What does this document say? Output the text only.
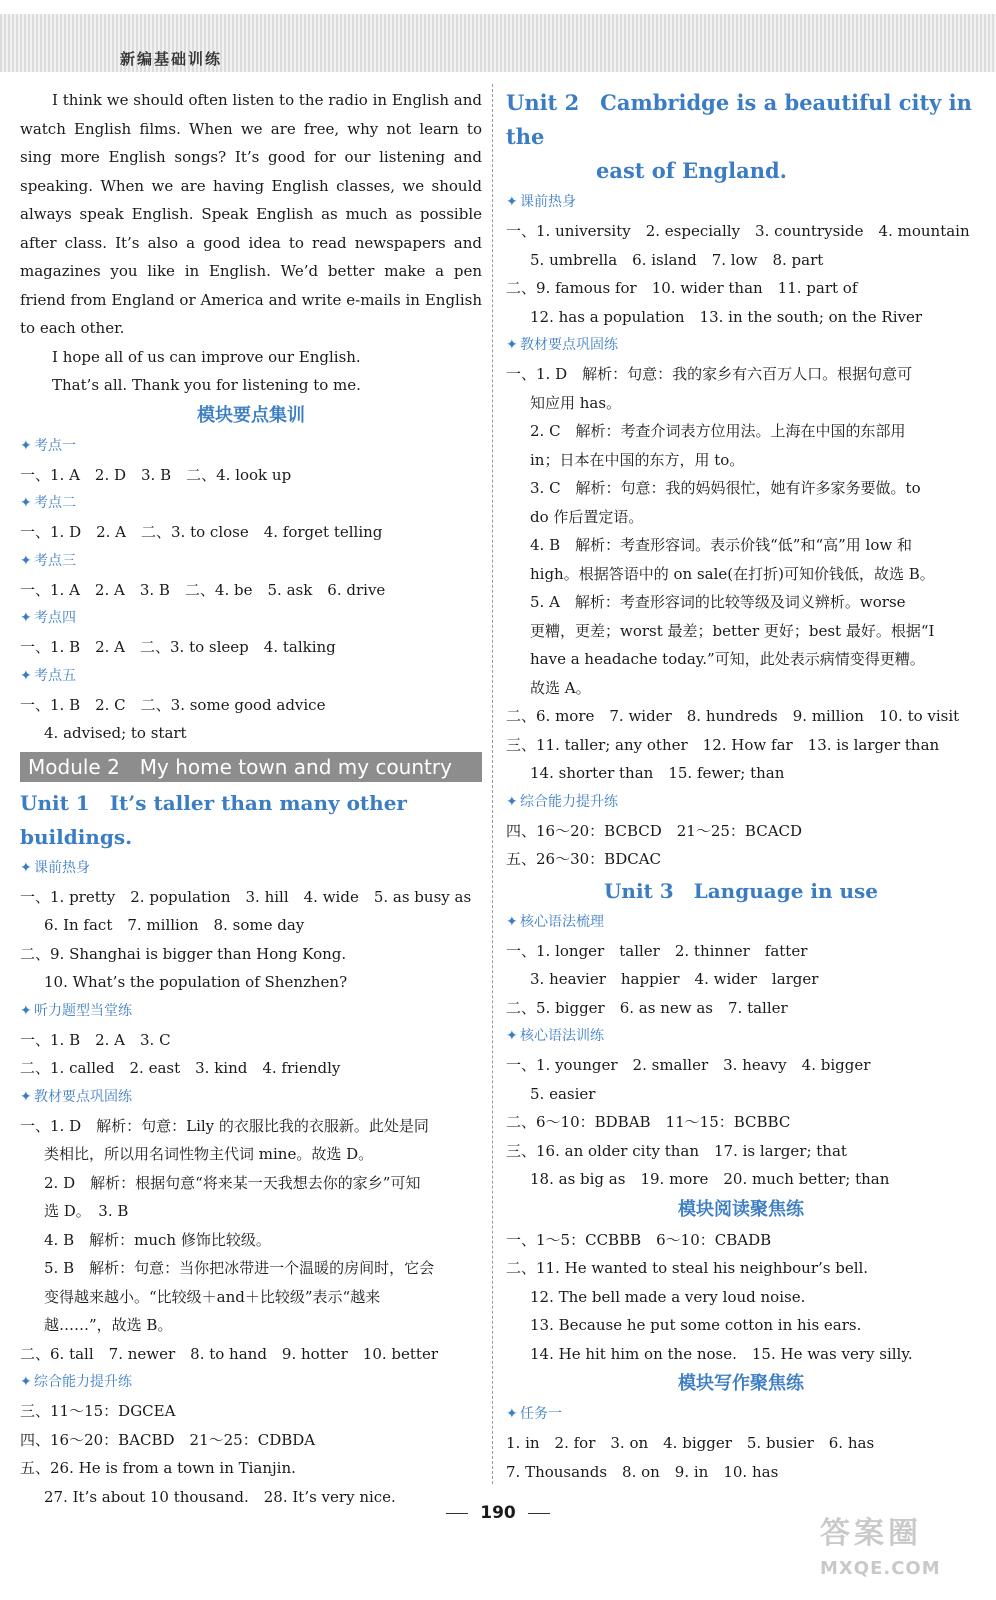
新编基础训练

I think we should often listen to the radio in English and watch English films. When we are free, why not learn to sing more English songs? It’s good for our listening and speaking. When we are having English classes, we should always speak English. Speak English as much as possible after class. It’s also a good idea to read newspapers and magazines you like in English. We’d better make a pen friend from England or America and write e-mails in English to each other.

I hope all of us can improve our English.

That’s all. Thank you for listening to me.

模块要点集训
✦ 考点一
一、1. A　2. D　3. B　二、4. look up
✦ 考点二
一、1. D　2. A　二、3. to close　4. forget telling
✦ 考点三
一、1. A　2. A　3. B　二、4. be　5. ask　6. drive
✦ 考点四
一、1. B　2. A　二、3. to sleep　4. talking
✦ 考点五
一、1. B　2. C　二、3. some good advice
4. advised; to start
Module 2　My home town and my country
Unit 1　It’s taller than many other buildings.
✦ 课前热身
一、1. pretty　2. population　3. hill　4. wide　5. as busy as
6. In fact　7. million　8. some day
二、9. Shanghai is bigger than Hong Kong.
10. What’s the population of Shenzhen?
✦ 听力题型当堂练
一、1. B　2. A　3. C
二、1. called　2. east　3. kind　4. friendly
✦ 教材要点巩固练
一、1. D　解析：句意：Lily 的衣服比我的衣服新。此处是同
类相比，所以用名词性物主代词 mine。故选 D。
2. D　解析：根据句意“将来某一天我想去你的家乡”可知
选 D。　3. B
4. B　解析：much 修饰比较级。
5. B　解析：句意：当你把冰带进一个温暖的房间时，它会
变得越来越小。“比较级＋and＋比较级”表示“越来
越……”，故选 B。
二、6. tall　7. newer　8. to hand　9. hotter　10. better
✦ 综合能力提升练
三、11～15：DGCEA
四、16～20：BACBD　21～25：CDBDA
五、26. He is from a town in Tianjin.
27. It’s about 10 thousand.　28. It’s very nice.
Unit 2　Cambridge is a beautiful city in the
east of England.
✦ 课前热身
一、1. university　2. especially　3. countryside　4. mountain
5. umbrella　6. island　7. low　8. part
二、9. famous for　10. wider than　11. part of
12. has a population　13. in the south; on the River
✦ 教材要点巩固练
一、1. D　解析：句意：我的家乡有六百万人口。根据句意可
知应用 has。
2. C　解析：考查介词表方位用法。上海在中国的东部用
in；日本在中国的东方，用 to。
3. C　解析：句意：我的妈妈很忙，她有许多家务要做。to
do 作后置定语。
4. B　解析：考查形容词。表示价钱“低”和“高”用 low 和
high。根据答语中的 on sale(在打折)可知价钱低，故选 B。
5. A　解析：考查形容词的比较等级及词义辨析。worse
更糟，更差；worst 最差；better 更好；best 最好。根据“I
have a headache today.”可知，此处表示病情变得更糟。
故选 A。
二、6. more　7. wider　8. hundreds　9. million　10. to visit
三、11. taller; any other　12. How far　13. is larger than
14. shorter than　15. fewer; than
✦ 综合能力提升练
四、16～20：BCBCD　21～25：BCACD
五、26～30：BDCAC
Unit 3　Language in use
✦ 核心语法梳理
一、1. longer　taller　2. thinner　fatter
3. heavier　happier　4. wider　larger
二、5. bigger　6. as new as　7. taller
✦ 核心语法训练
一、1. younger　2. smaller　3. heavy　4. bigger
5. easier
二、6～10：BDBAB　11～15：BCBBC
三、16. an older city than　17. is larger; that
18. as big as　19. more　20. much better; than
模块阅读聚焦练
一、1～5：CCBBB　6～10：CBADB
二、11. He wanted to steal his neighbour’s bell.
12. The bell made a very loud noise.
13. Because he put some cotton in his ears.
14. He hit him on the nose.　15. He was very silly.
模块写作聚焦练
✦ 任务一
1. in　2. for　3. on　4. bigger　5. busier　6. has
7. Thousands　8. on　9. in　10. has
190
答案圈
MXQE.COM
